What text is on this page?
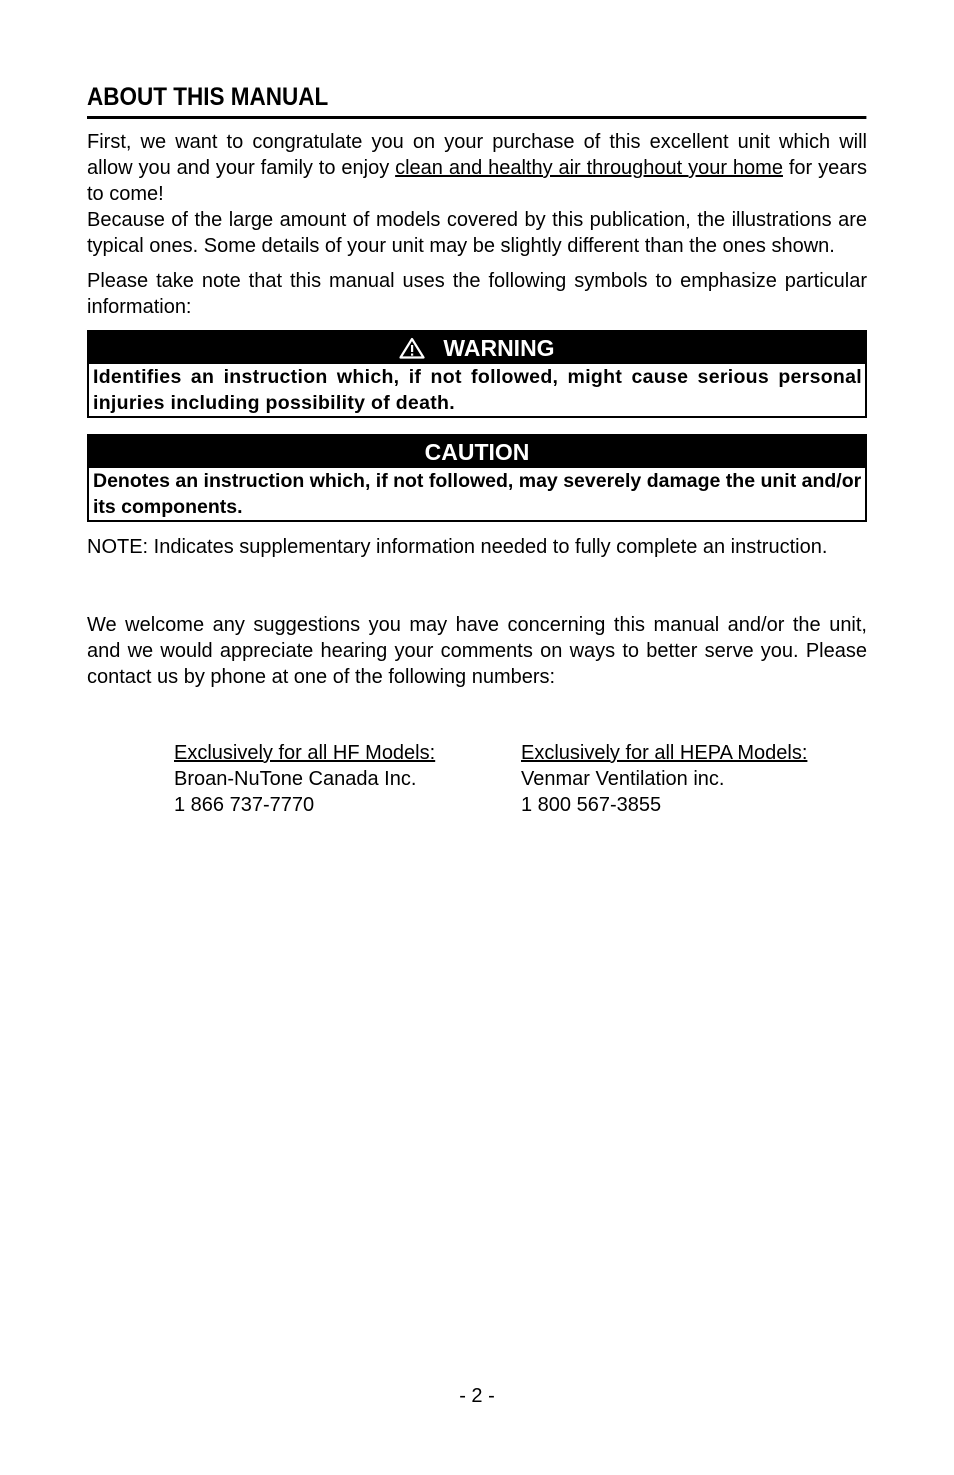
ABOUT THIS MANUAL

First, we want to congratulate you on your purchase of this excellent unit which will allow you and your family to enjoy clean and healthy air throughout your home for years to come!

Because of the large amount of models covered by this publication, the illustrations are typical ones. Some details of your unit may be slightly different than the ones shown.

Please take note that this manual uses the following symbols to emphasize particular information:

WARNING
Identifies an instruction which, if not followed, might cause serious personal injuries including possibility of death.
CAUTION
Denotes an instruction which, if not followed, may severely damage the unit and/or its components.

NOTE: Indicates supplementary information needed to fully complete an instruction.

We welcome any suggestions you may have concerning this manual and/or the unit, and we would appreciate hearing your comments on ways to better serve you. Please contact us by phone at one of the following numbers:

Exclusively for all HF Models:
Broan-NuTone Canada Inc.
1 866 737-7770
Exclusively for all HEPA Models:
Venmar Ventilation inc.
1 800 567-3855
- 2 -
